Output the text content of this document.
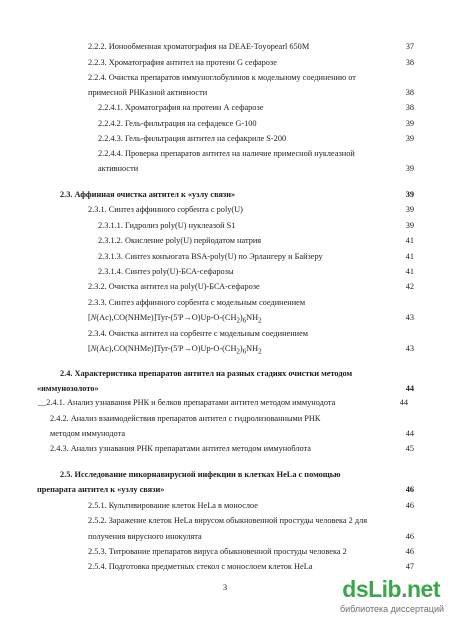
2.2.2. Ионообменная хроматография на DEAE-Toyopearl 650M	37
2.2.3. Хроматография антител на протеин G сефарозе	38
2.2.4. Очистка препаратов иммуноглобулинов к модельному соединению от
примесной РНКазной активности	38
2.2.4.1. Хроматография на протеин А сефарозе	38
2.2.4.2. Гель-фильтрация на сефадексе G-100	39
2.2.4.3. Гель-фильтрация антител на сефакриле S-200	39
2.2.4.4. Проверка препаратов антител на наличие примесной нуклеазной
активности	39
2.3. Аффинная очистка антител к «узлу связи»	39
2.3.1. Синтез аффинного сорбента с poly(U)	39
2.3.1.1. Гидролиз poly(U) нуклеазой S1	39
2.3.1.2. Окисление poly(U) перйодатом натрия	41
2.3.1.3. Синтез конъюгата BSA-poly(U) по Эрлангеру и Байзеру	41
2.3.1.4. Синтез poly(U)-БСА-сефарозы	41
2.3.2. Очистка антител на poly(U)-БСА-сефарозе	42
2.3.3. Синтез аффинного сорбента с модельным соединением
$[N(Ac),CO(NHMe)]Tyr-(5'P\to O)Up-O-(CH_2)_6NH_2$	43
2.3.4. Очистка антител на сорбенте с модельным соединением
$[N(Ac),CO(NHMe)]Tyr-(5'P\to O)Up-O-(CH_2)_6NH_2$	43
2.4. Характеристика препаратов антител на разных стадиях очистки методом
«иммунозолото»	44
__2.4.1. Анализ узнавания РНК и белков препаратами антител методом иммунодота	44
2.4.2. Анализ взаимодействия препаратов антител с гидролизованными РНК
методом иммунодота	44
2.4.3. Анализ узнавания РНК препаратами антител методом иммуноблота	45
2.5. Исследование пикорнавирусной инфекции в клетках HeLa с помощью
препарата антител к «узлу связи»	46
2.5.1. Культивирование клеток HeLa в монослое	46
2.5.2. Заражение клеток HeLa вирусом обыкновенной простуды человека 2 для
получения вирусного инокулята	46
2.5.3. Титрование препаратов вируса обыкновенной простуды человека 2	46
2.5.4. Подготовка предметных стекол с монослоем клеток HeLa	47
3	dsLib.net
библиотека диссертаций
